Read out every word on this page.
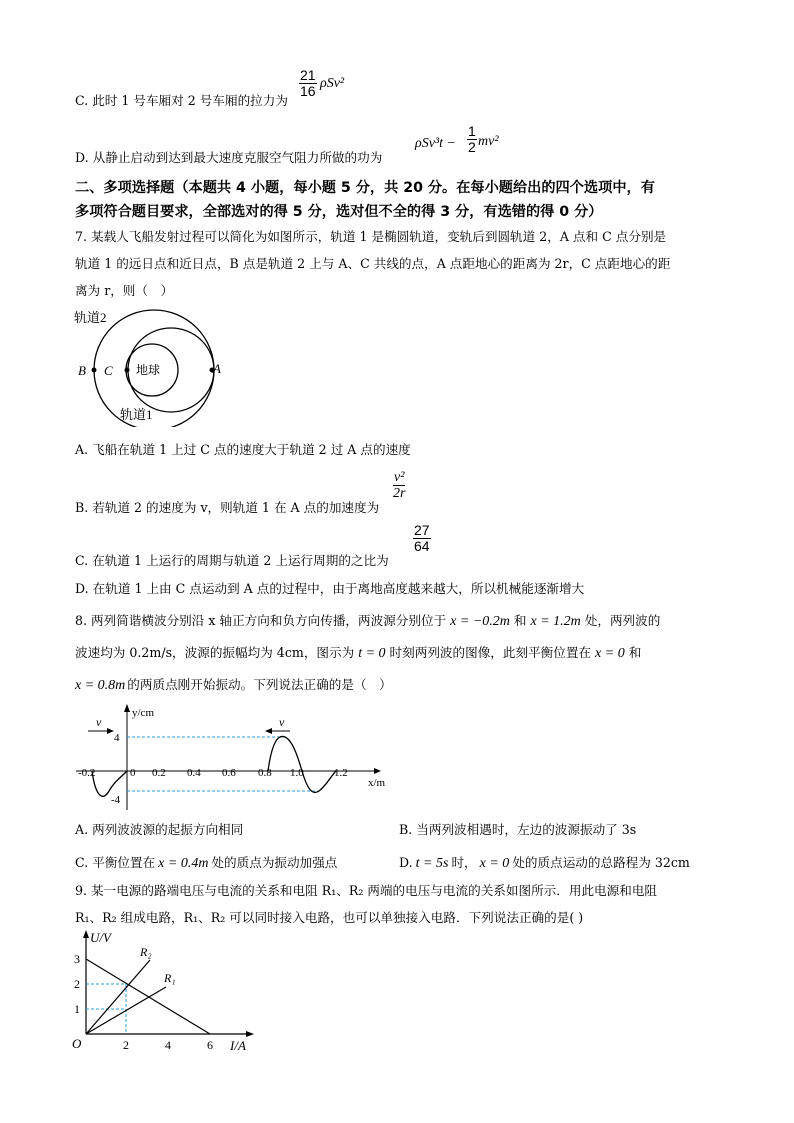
C. 此时 1 号车厢对 2 号车厢的拉力为
$\frac{21}{16} \rho Sv^2$
D. 从静止启动到达到最大速度克服空气阻力所做的功为
$\rho Sv^3t - \frac{1}{2} mv^2$
二、多项选择题（本题共 4 小题，每小题 5 分，共 20 分。在每小题给出的四个选项中，有
多项符合题目要求，全部选对的得 5 分，选对但不全的得 3 分，有选错的得 0 分）
7. 某载人飞船发射过程可以简化为如图所示，轨道 1 是椭圆轨道，变轨后到圆轨道 2，A 点和 C 点分别是
轨道 1 的远日点和近日点，B 点是轨道 2 上与 A、C 共线的点，A 点距地心的距离为 2r，C 点距地心的距
离为 r，则（　）
轨道2
轨道1
地球
B C	A
A. 飞船在轨道 1 上过 C 点的速度大于轨道 2 过 A 点的速度
B. 若轨道 2 的速度为 v，则轨道 1 在 A 点的加速度为
$\frac{\text{v²}}{2r}$
C. 在轨道 1 上运行的周期与轨道 2 上运行周期的之比为
$\frac{27}{64}$
D. 在轨道 1 上由 C 点运动到 A 点的过程中，由于离地高度越来越大，所以机械能逐渐增大
8. 两列简谐横波分别沿 x 轴正方向和负方向传播，两波源分别位于 x = −0.2m 和 x = 1.2m 处，两列波的
波速均为 0.2m/s，波源的振幅均为 4cm，图示为 t = 0 时刻两列波的图像，此刻平衡位置在 x = 0 和
x = 0.8m 的两质点刚开始振动。下列说法正确的是（　）
v	v
y/cm
x/m
4
-4
-0.2	0 0.2 0.4 0.6 0.8 1.0	1.2
A. 两列波波源的起振方向相同	B. 当两列波相遇时，左边的波源振动了 3s
C. 平衡位置在 x = 0.4m 处的质点为振动加强点	D. t = 5s 时， x = 0 处的质点运动的总路程为 32cm
9. 某一电源的路端电压与电流的关系和电阻 R₁、R₂ 两端的电压与电流的关系如图所示．用此电源和电阻
R₁、R₂ 组成电路，R₁、R₂ 可以同时接入电路，也可以单独接入电路．下列说法正确的是( )
U/V
I/A
O
1
2
3
2	4	6
R₂
R₁
